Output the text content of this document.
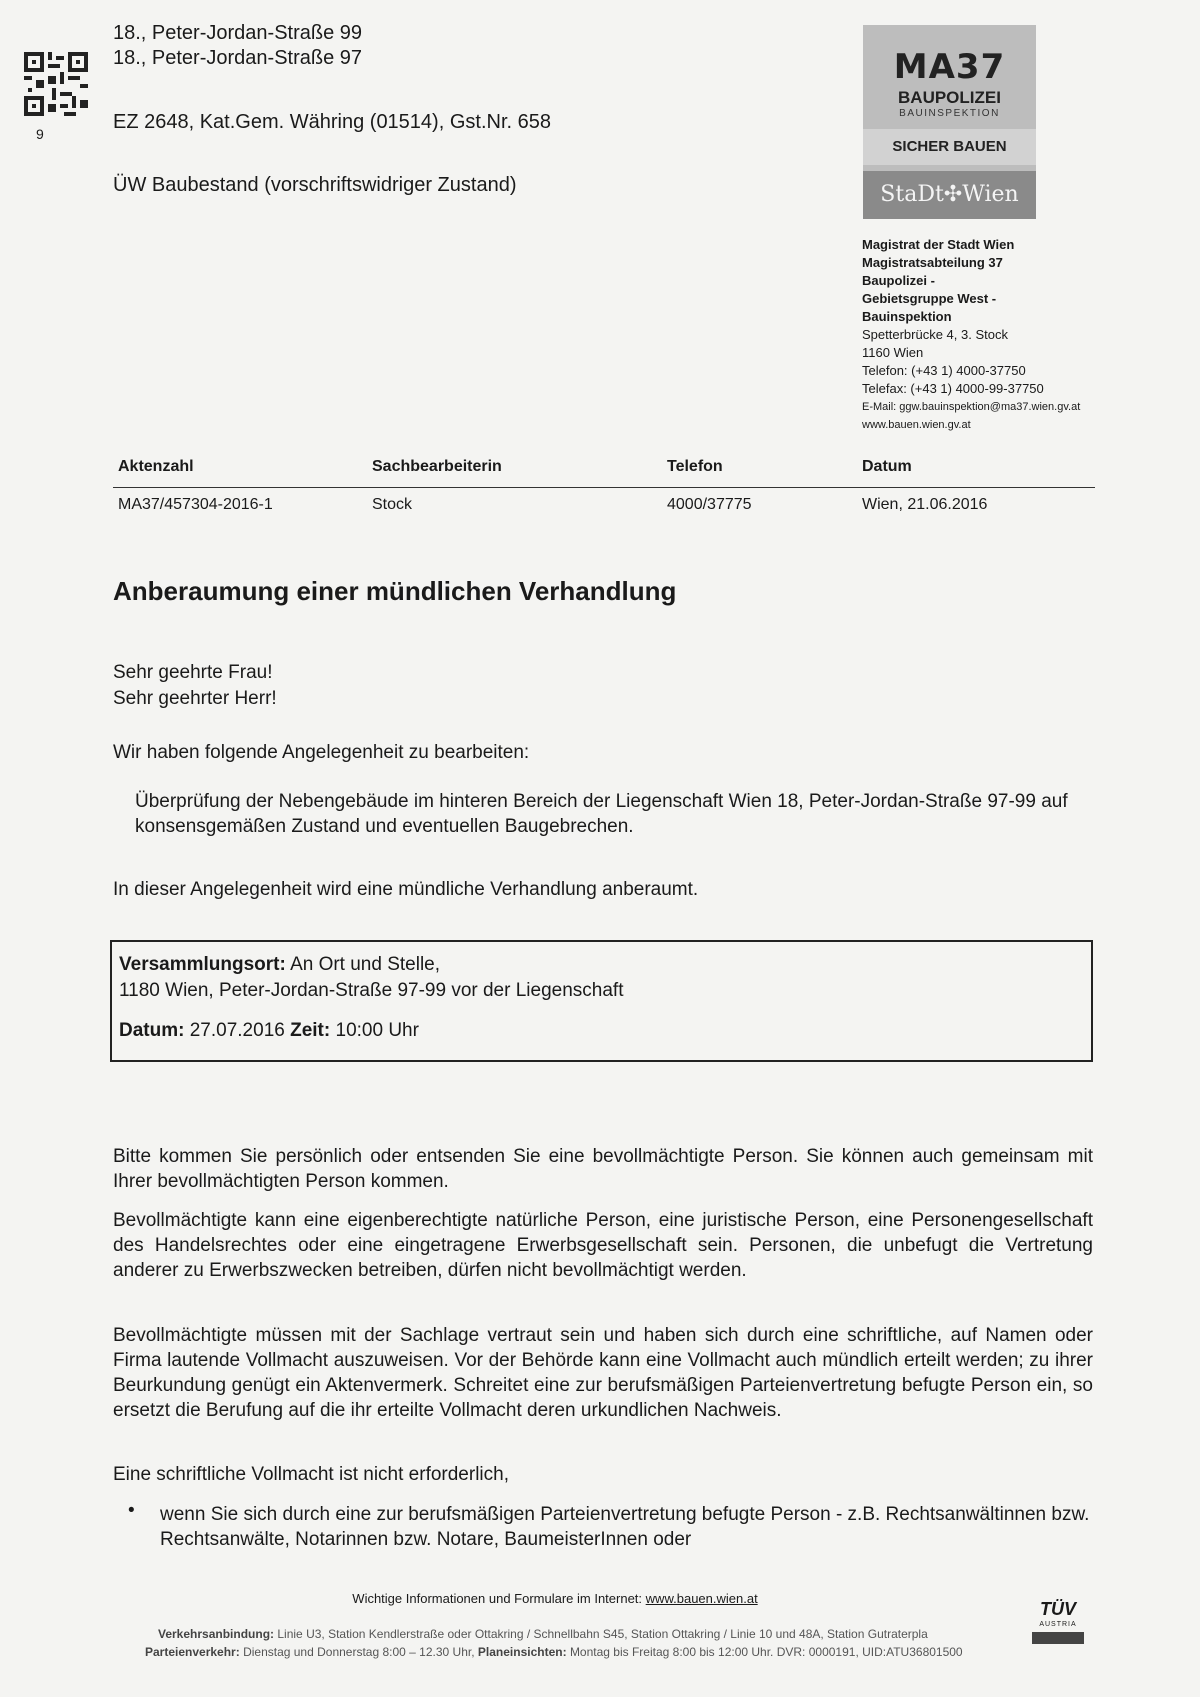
9
18., Peter-Jordan-Straße 99
18., Peter-Jordan-Straße 97
EZ 2648, Kat.Gem. Währing (01514), Gst.Nr. 658
ÜW Baubestand (vorschriftswidriger Zustand)
MA37
BAUPOLIZEI
BAUINSPEKTION
SICHER BAUEN
StaDt✣Wien
Magistrat der Stadt Wien
Magistratsabteilung 37
Baupolizei -
Gebietsgruppe West -
Bauinspektion
Spetterbrücke 4, 3. Stock
1160 Wien
Telefon: (+43 1) 4000-37750
Telefax: (+43 1) 4000-99-37750
E-Mail: ggw.bauinspektion@ma37.wien.gv.at
www.bauen.wien.gv.at
Aktenzahl	Sachbearbeiterin	Telefon	Datum
MA37/457304-2016-1	Stock	4000/37775	Wien, 21.06.2016
Anberaumung einer mündlichen Verhandlung
Sehr geehrte Frau!
Sehr geehrter Herr!
Wir haben folgende Angelegenheit zu bearbeiten:
Überprüfung der Nebengebäude im hinteren Bereich der Liegenschaft Wien 18, Peter-Jordan-Straße 97-99 auf konsensgemäßen Zustand und eventuellen Baugebrechen.
In dieser Angelegenheit wird eine mündliche Verhandlung anberaumt.
Versammlungsort: An Ort und Stelle,
1180 Wien, Peter-Jordan-Straße 97-99 vor der Liegenschaft
Datum: 27.07.2016 Zeit: 10:00 Uhr
Bitte kommen Sie persönlich oder entsenden Sie eine bevollmächtigte Person. Sie können auch gemeinsam mit Ihrer bevollmächtigten Person kommen.
Bevollmächtigte kann eine eigenberechtigte natürliche Person, eine juristische Person, eine Personengesellschaft des Handelsrechtes oder eine eingetragene Erwerbsgesellschaft sein. Personen, die unbefugt die Vertretung anderer zu Erwerbszwecken betreiben, dürfen nicht bevollmächtigt werden.
Bevollmächtigte müssen mit der Sachlage vertraut sein und haben sich durch eine schriftliche, auf Namen oder Firma lautende Vollmacht auszuweisen. Vor der Behörde kann eine Vollmacht auch mündlich erteilt werden; zu ihrer Beurkundung genügt ein Aktenvermerk. Schreitet eine zur berufsmäßigen Parteienvertretung befugte Person ein, so ersetzt die Berufung auf die ihr erteilte Vollmacht deren urkundlichen Nachweis.
Eine schriftliche Vollmacht ist nicht erforderlich,
• wenn Sie sich durch eine zur berufsmäßigen Parteienvertretung befugte Person - z.B. Rechtsanwältinnen bzw. Rechtsanwälte, Notarinnen bzw. Notare, BaumeisterInnen oder
Wichtige Informationen und Formulare im Internet: www.bauen.wien.at
Verkehrsanbindung: Linie U3, Station Kendlerstraße oder Ottakring / Schnellbahn S45, Station Ottakring / Linie 10 und 48A, Station Gutraterpla
Parteienverkehr: Dienstag und Donnerstag 8:00 – 12.30 Uhr, Planeinsichten: Montag bis Freitag 8:00 bis 12:00 Uhr. DVR: 0000191, UID:ATU36801500
TÜV
AUSTRIA
